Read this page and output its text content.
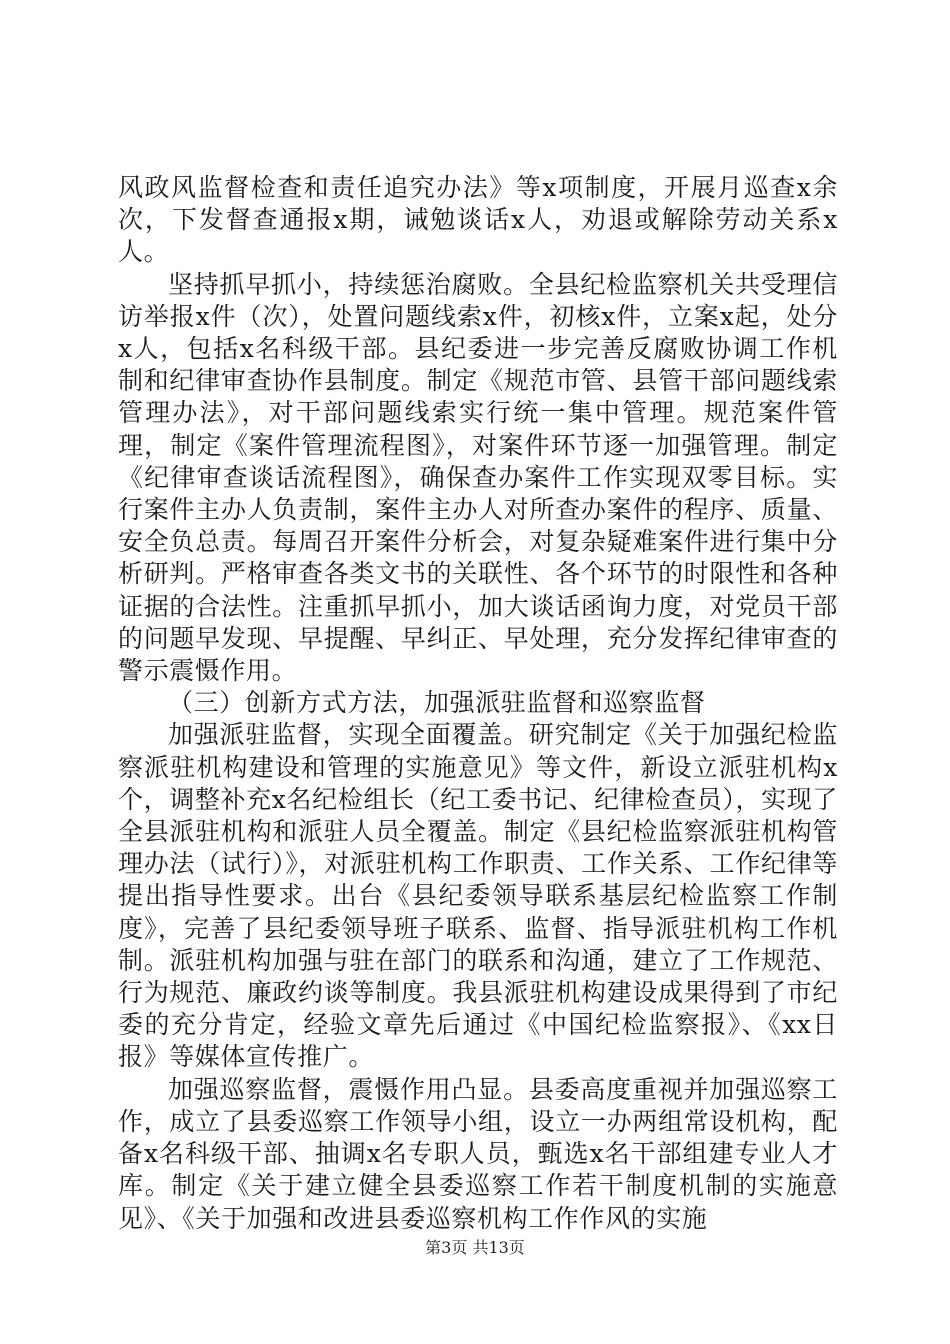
风政风监督检查和责任追究办法》等x项制度，开展月巡查x余次，下发督查通报x期，诫勉谈话x人，劝退或解除劳动关系x人。

坚持抓早抓小，持续惩治腐败。全县纪检监察机关共受理信访举报x件（次），处置问题线索x件，初核x件，立案x起，处分x人，包括x名科级干部。县纪委进一步完善反腐败协调工作机制和纪律审查协作县制度。制定《规范市管、县管干部问题线索管理办法》，对干部问题线索实行统一集中管理。规范案件管理，制定《案件管理流程图》，对案件环节逐一加强管理。制定《纪律审查谈话流程图》，确保查办案件工作实现双零目标。实行案件主办人负责制，案件主办人对所查办案件的程序、质量、安全负总责。每周召开案件分析会，对复杂疑难案件进行集中分析研判。严格审查各类文书的关联性、各个环节的时限性和各种证据的合法性。注重抓早抓小，加大谈话函询力度，对党员干部的问题早发现、早提醒、早纠正、早处理，充分发挥纪律审查的警示震慑作用。

（三）创新方式方法，加强派驻监督和巡察监督

加强派驻监督，实现全面覆盖。研究制定《关于加强纪检监察派驻机构建设和管理的实施意见》等文件，新设立派驻机构x个，调整补充x名纪检组长（纪工委书记、纪律检查员），实现了全县派驻机构和派驻人员全覆盖。制定《县纪检监察派驻机构管理办法（试行）》，对派驻机构工作职责、工作关系、工作纪律等提出指导性要求。出台《县纪委领导联系基层纪检监察工作制度》，完善了县纪委领导班子联系、监督、指导派驻机构工作机制。派驻机构加强与驻在部门的联系和沟通，建立了工作规范、行为规范、廉政约谈等制度。我县派驻机构建设成果得到了市纪委的充分肯定，经验文章先后通过《中国纪检监察报》、《xx日报》等媒体宣传推广。

加强巡察监督，震慑作用凸显。县委高度重视并加强巡察工作，成立了县委巡察工作领导小组，设立一办两组常设机构，配备x名科级干部、抽调x名专职人员，甄选x名干部组建专业人才库。制定《关于建立健全县委巡察工作若干制度机制的实施意见》、《关于加强和改进县委巡察机构工作作风的实施

第3页 共13页
